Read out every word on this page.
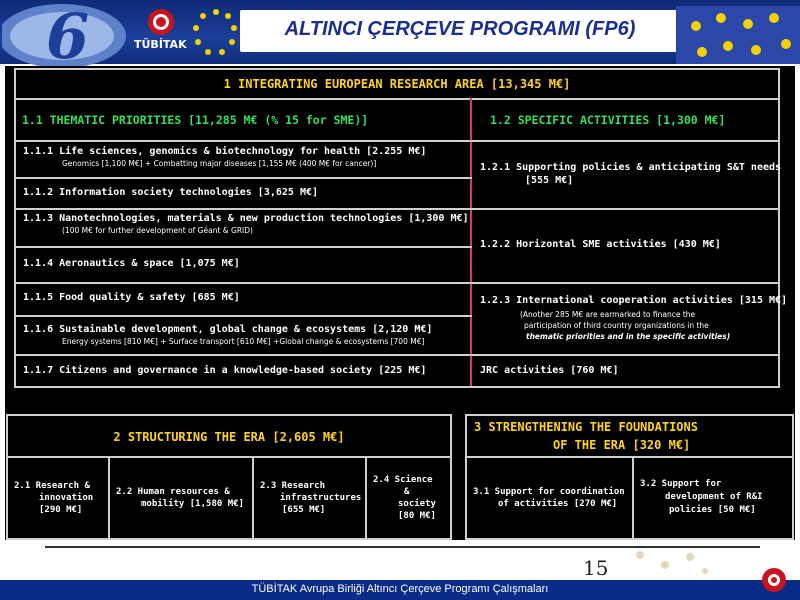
6	TÜBİTAK
ALTINCI ÇERÇEVE PROGRAMI (FP6)
1 INTEGRATING EUROPEAN RESEARCH AREA [13,345 M€]
1.1 THEMATIC PRIORITIES [11,285 M€ (% 15 for SME)]	1.2 SPECIFIC ACTIVITIES [1,300 M€]
1.1.1 Life sciences, genomics & biotechnology for health [2.255 M€]
Genomics [1,100 M€] + Combatting major diseases [1,155 M€ (400 M€ for cancer)]
1.1.2 Information society technologies [3,625 M€]
1.1.3 Nanotechnologies, materials & new production technologies [1,300 M€]
(100 M€ for further development of Géant & GRID)
1.1.4 Aeronautics & space [1,075 M€]
1.1.5 Food quality & safety [685 M€]
1.1.6 Sustainable development, global change & ecosystems [2,120 M€]
Energy systems [810 M€] + Surface transport [610 M€] +Global change & ecosystems [700 M€]
1.1.7 Citizens and governance in a knowledge-based society [225 M€]
1.2.1 Supporting policies & anticipating S&T needs
[555 M€]
1.2.2 Horizontal SME activities [430 M€]
1.2.3 International cooperation activities [315 M€]
(Another 285 M€ are earmarked to finance the
participation of third country organizations in the
thematic priorities and in the specific activities)
JRC activities [760 M€]
2 STRUCTURING THE ERA [2,605 M€]
2.1 Research &
innovation
[290 M€]
2.2 Human resources &
mobility [1,580 M€]
2.3 Research
infrastructures
[655 M€]
2.4 Science
&
society
[80 M€]
3 STRENGTHENING THE FOUNDATIONS
OF THE ERA [320 M€]
3.1 Support for coordination
of activities [270 M€]
3.2 Support for
development of R&I
policies [50 M€]
15
TÜBİTAK Avrupa Birliği Altıncı Çerçeve Programı Çalışmaları
